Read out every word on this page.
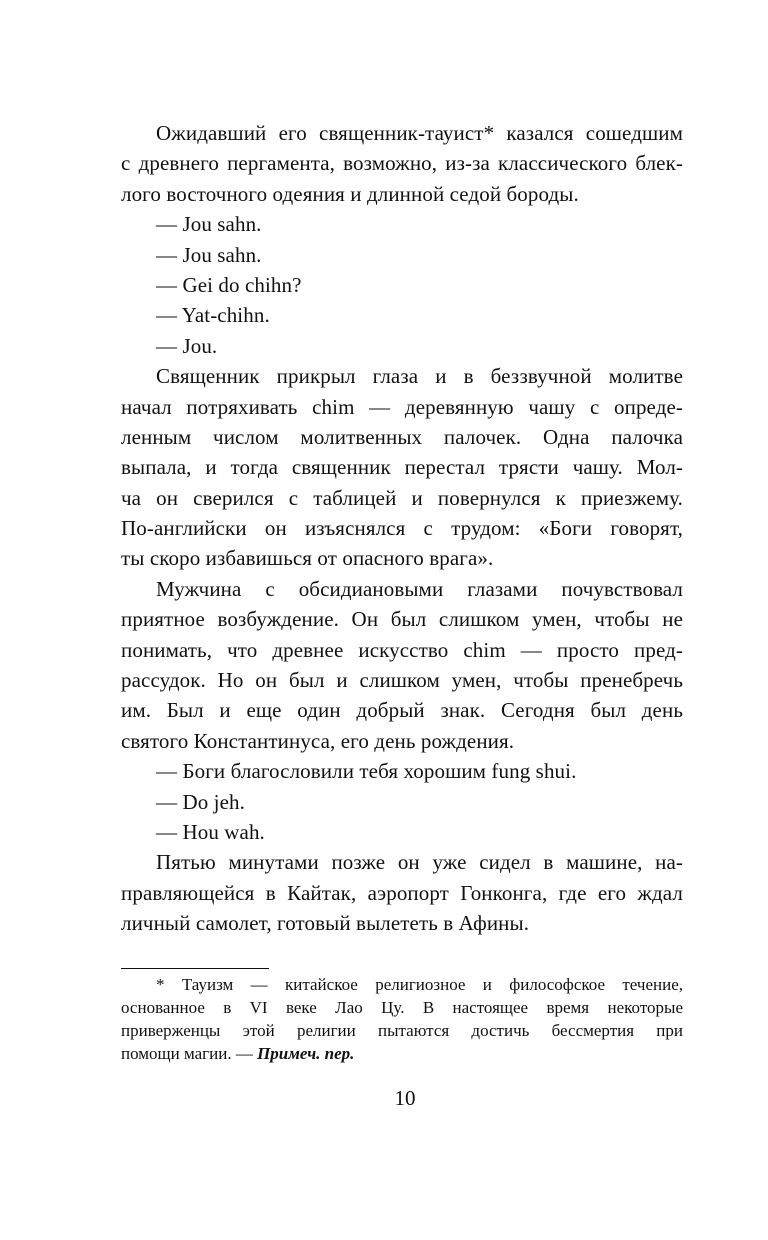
Ожидавший его священник-тауист* казался сошедшим
с древнего пергамента, возможно, из-за классического блек-
лого восточного одеяния и длинной седой бороды.
— Jou sahn.
— Jou sahn.
— Gei do chihn?
— Yat-chihn.
— Jou.
Священник прикрыл глаза и в беззвучной молитве
начал потряхивать chim — деревянную чашу с опреде-
ленным числом молитвенных палочек. Одна палочка
выпала, и тогда священник перестал трясти чашу. Мол-
ча он сверился с таблицей и повернулся к приезжему.
По-английски он изъяснялся с трудом: «Боги говорят,
ты скоро избавишься от опасного врага».
Мужчина с обсидиановыми глазами почувствовал
приятное возбуждение. Он был слишком умен, чтобы не
понимать, что древнее искусство chim — просто пред-
рассудок. Но он был и слишком умен, чтобы пренебречь
им. Был и еще один добрый знак. Сегодня был день
святого Константинуса, его день рождения.
— Боги благословили тебя хорошим fung shui.
— Do jeh.
— Hou wah.
Пятью минутами позже он уже сидел в машине, на-
правляющейся в Кайтак, аэропорт Гонконга, где его ждал
личный самолет, готовый вылететь в Афины.
* Тауизм — китайское религиозное и философское течение,
основанное в VI веке Лао Цу. В настоящее время некоторые
приверженцы этой религии пытаются достичь бессмертия при
помощи магии. — Примеч. пер.
10
